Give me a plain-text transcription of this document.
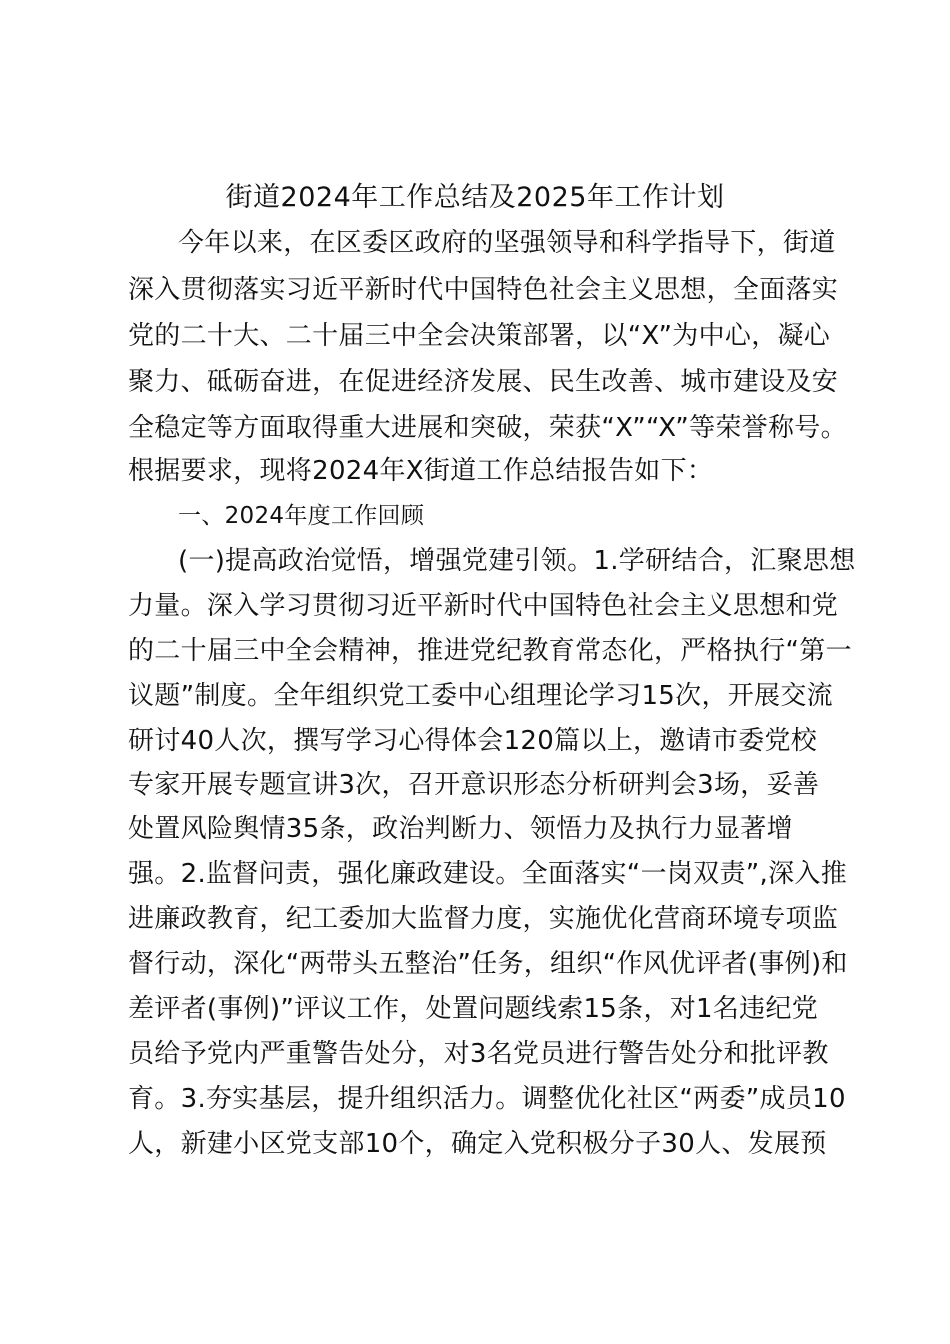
街道2024年工作总结及2025年工作计划
今年以来，在区委区政府的坚强领导和科学指导下，街道
深入贯彻落实习近平新时代中国特色社会主义思想，全面落实
党的二十大、二十届三中全会决策部署，以“X”为中心，凝心
聚力、砥砺奋进，在促进经济发展、民生改善、城市建设及安
全稳定等方面取得重大进展和突破，荣获“X”“X”等荣誉称号。
根据要求，现将2024年X街道工作总结报告如下：
一、2024年度工作回顾
(一)提高政治觉悟，增强党建引领。1.学研结合，汇聚思想
力量。深入学习贯彻习近平新时代中国特色社会主义思想和党
的二十届三中全会精神，推进党纪教育常态化，严格执行“第一
议题”制度。全年组织党工委中心组理论学习15次，开展交流
研讨40人次，撰写学习心得体会120篇以上，邀请市委党校
专家开展专题宣讲3次，召开意识形态分析研判会3场，妥善
处置风险舆情35条，政治判断力、领悟力及执行力显著增
强。2.监督问责，强化廉政建设。全面落实“一岗双责”,深入推
进廉政教育，纪工委加大监督力度，实施优化营商环境专项监
督行动，深化“两带头五整治”任务，组织“作风优评者(事例)和
差评者(事例)”评议工作，处置问题线索15条，对1名违纪党
员给予党内严重警告处分，对3名党员进行警告处分和批评教
育。3.夯实基层，提升组织活力。调整优化社区“两委”成员10
人，新建小区党支部10个，确定入党积极分子30人、发展预
